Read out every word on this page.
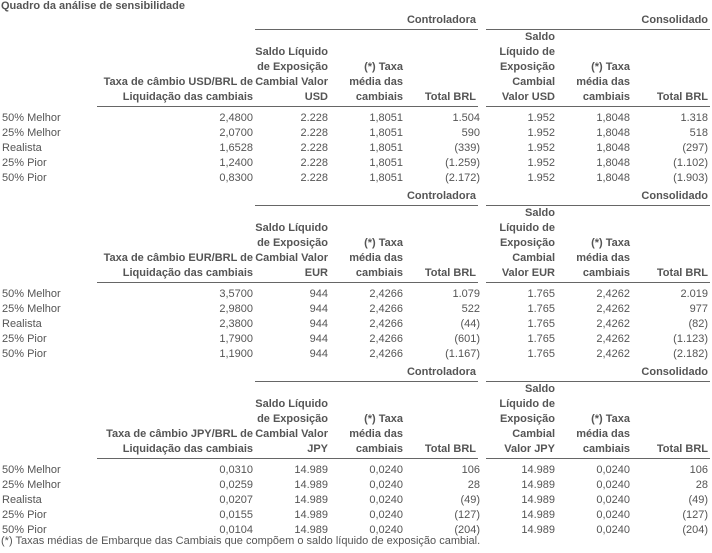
Quadro da análise de sensibilidade
		Controladora			Consolidado		
	Taxa de câmbio USD/BRL de Liquidação das cambiais	Saldo Líquido de Exposição Cambial Valor USD	(*) Taxa média das cambiais	Total BRL	Saldo Líquido de Exposição Cambial Valor USD	(*) Taxa média das cambiais	Total BRL

50% Melhor	2,4800	2.228	1,8051	1.504	1.952	1,8048	1.318
25% Melhor	2,0700	2.228	1,8051	590	1.952	1,8048	518
Realista	1,6528	2.228	1,8051	(339)	1.952	1,8048	(297)
25% Pior	1,2400	2.228	1,8051	(1.259)	1.952	1,8048	(1.102)
50% Pior	0,8300	2.228	1,8051	(2.172)	1.952	1,8048	(1.903)
		Controladora			Consolidado		
	Taxa de câmbio EUR/BRL de Liquidação das cambiais	Saldo Líquido de Exposição Cambial Valor EUR	(*) Taxa média das cambiais	Total BRL	Saldo Líquido de Exposição Cambial Valor EUR	(*) Taxa média das cambiais	Total BRL

50% Melhor	3,5700	944	2,4266	1.079	1.765	2,4262	2.019
25% Melhor	2,9800	944	2,4266	522	1.765	2,4262	977
Realista	2,3800	944	2,4266	(44)	1.765	2,4262	(82)
25% Pior	1,7900	944	2,4266	(601)	1.765	2,4262	(1.123)
50% Pior	1,1900	944	2,4266	(1.167)	1.765	2,4262	(2.182)
		Controladora			Consolidado		
	Taxa de câmbio JPY/BRL de Liquidação das cambiais	Saldo Líquido de Exposição Cambial Valor JPY	(*) Taxa média das cambiais	Total BRL	Saldo Líquido de Exposição Cambial Valor JPY	(*) Taxa média das cambiais	Total BRL

50% Melhor	0,0310	14.989	0,0240	106	14.989	0,0240	106
25% Melhor	0,0259	14.989	0,0240	28	14.989	0,0240	28
Realista	0,0207	14.989	0,0240	(49)	14.989	0,0240	(49)
25% Pior	0,0155	14.989	0,0240	(127)	14.989	0,0240	(127)
50% Pior	0,0104	14.989	0,0240	(204)	14.989	0,0240	(204)
(*) Taxas médias de Embarque das Cambiais que compõem o saldo líquido de exposição cambial.
